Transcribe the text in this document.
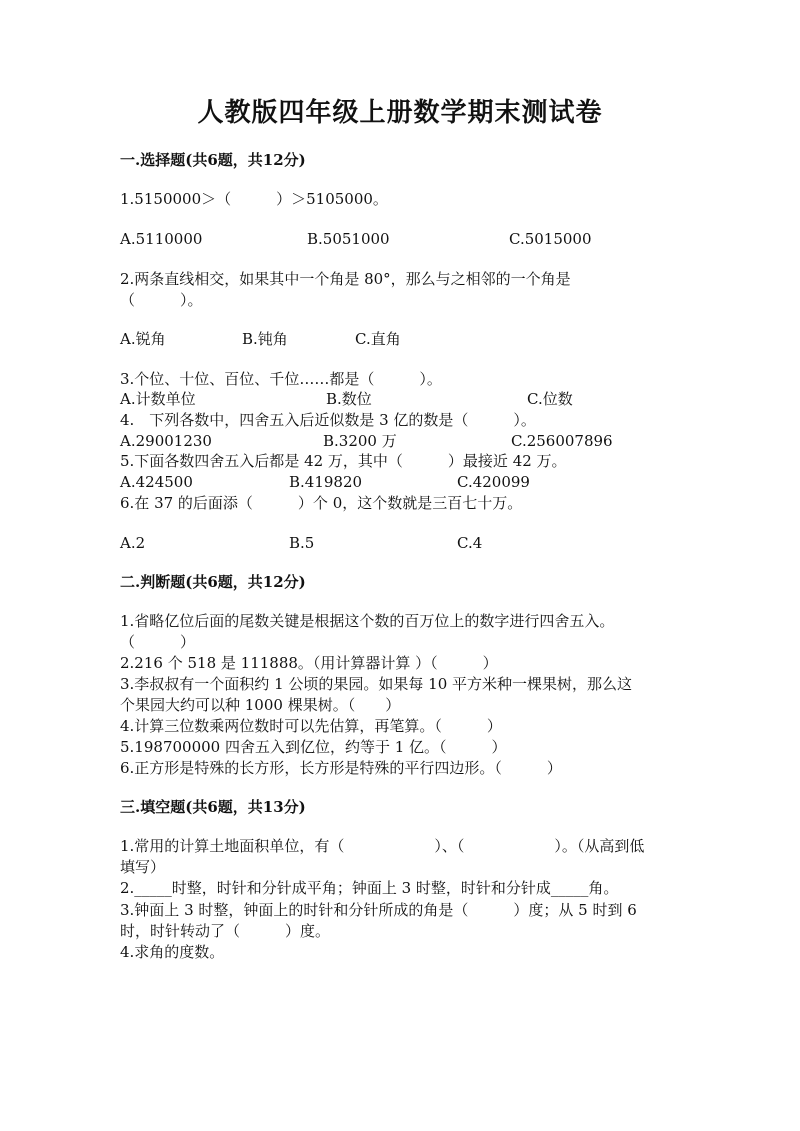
人教版四年级上册数学期末测试卷
一.选择题(共6题，共12分)
1.5150000＞（　　　）＞5105000。
A.5110000	B.5051000	C.5015000
2.两条直线相交，如果其中一个角是 80°，那么与之相邻的一个角是
（　　　）。
A.锐角	B.钝角	C.直角
3.个位、十位、百位、千位……都是（　　　）。
A.计数单位	B.数位	C.位数
4.　下列各数中，四舍五入后近似数是 3 亿的数是（　　　）。
A.29001230	B.3200 万	C.256007896
5.下面各数四舍五入后都是 42 万，其中（　　　）最接近 42 万。
A.424500	B.419820	C.420099
6.在 37 的后面添（　　　）个 0，这个数就是三百七十万。
A.2	B.5	C.4
二.判断题(共6题，共12分)
1.省略亿位后面的尾数关键是根据这个数的百万位上的数字进行四舍五入。
（　　　）
2.216 个 518 是 111888。（用计算器计算 ）（　　　）
3.李叔叔有一个面积约 1 公顷的果园。如果每 10 平方米种一棵果树，那么这
个果园大约可以种 1000 棵果树。（　　）
4.计算三位数乘两位数时可以先估算，再笔算。（　　　）
5.198700000 四舍五入到亿位，约等于 1 亿。（　　　）
6.正方形是特殊的长方形，长方形是特殊的平行四边形。（　　　）
三.填空题(共6题，共13分)
1.常用的计算土地面积单位，有（　　　　　　）、（　　　　　　）。（从高到低
填写）
2._____时整，时针和分针成平角；钟面上 3 时整，时针和分针成_____角。
3.钟面上 3 时整，钟面上的时针和分针所成的角是（　　　）度；从 5 时到 6
时，时针转动了（　　　）度。
4.求角的度数。
